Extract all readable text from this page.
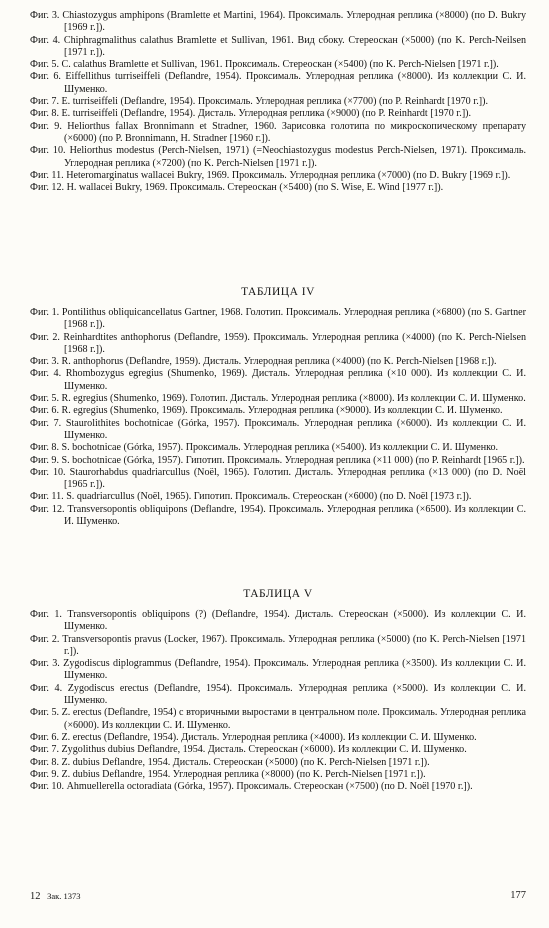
Фиг. 3. Chiastozygus amphipons (Bramlette et Martini, 1964). Проксималь. Углеродная реплика (×8000) (по D. Bukry [1969 г.]).
Фиг. 4. Chiphragmalithus calathus Bramlette et Sullivan, 1961. Вид сбоку. Стереоскан (×5000) (по K. Perch-Neilsen [1971 г.]).
Фиг. 5. C. calathus Bramlette et Sullivan, 1961. Проксималь. Стереоскан (×5400) (по K. Perch-Nielsen [1971 г.]).
Фиг. 6. Eiffellithus turriseiffeli (Deflandre, 1954). Проксималь. Углеродная реплика (×8000). Из коллекции С. И. Шуменко.
Фиг. 7. E. turriseiffeli (Deflandre, 1954). Проксималь. Углеродная реплика (×7700) (по P. Reinhardt [1970 г.]).
Фиг. 8. E. turriseiffeli (Deflandre, 1954). Дисталь. Углеродная реплика (×9000) (по P. Reinhardt [1970 г.]).
Фиг. 9. Heliorthus fallax Bronnimann et Stradner, 1960. Зарисовка голотипа по микроскопическому препарату (×6000) (по P. Bronnimann, H. Stradner [1960 г.]).
Фиг. 10. Heliorthus modestus (Perch-Nielsen, 1971) (=Neochiastozygus modestus Perch-Nielsen, 1971). Проксималь. Углеродная реплика (×7200) (по K. Perch-Nielsen [1971 г.]).
Фиг. 11. Heteromarginatus wallacei Bukry, 1969. Проксималь. Углеродная реплика (×7000) (по D. Bukry [1969 г.]).
Фиг. 12. H. wallacei Bukry, 1969. Проксималь. Стереоскан (×5400) (по S. Wise, E. Wind [1977 г.]).
ТАБЛИЦА IV
Фиг. 1. Pontilithus obliquicancellatus Gartner, 1968. Голотип. Проксималь. Углеродная реплика (×6800) (по S. Gartner [1968 г.]).
Фиг. 2. Reinhardtites anthophorus (Deflandre, 1959). Проксималь. Углеродная реплика (×4000) (по K. Perch-Nielsen [1968 г.]).
Фиг. 3. R. anthophorus (Deflandre, 1959). Дисталь. Углеродная реплика (×4000) (по K. Perch-Nielsen [1968 г.]).
Фиг. 4. Rhombozygus egregius (Shumenko, 1969). Дисталь. Углеродная реплика (×10 000). Из коллекции С. И. Шуменко.
Фиг. 5. R. egregius (Shumenko, 1969). Голотип. Дисталь. Углеродная реплика (×8000). Из коллекции С. И. Шуменко.
Фиг. 6. R. egregius (Shumenko, 1969). Проксималь. Углеродная реплика (×9000). Из коллекции С. И. Шуменко.
Фиг. 7. Staurolithites bochotnicae (Górka, 1957). Проксималь. Углеродная реплика (×6000). Из коллекции С. И. Шуменко.
Фиг. 8. S. bochotnicae (Górka, 1957). Проксималь. Углеродная реплика (×5400). Из коллекции С. И. Шуменко.
Фиг. 9. S. bochotnicae (Górka, 1957). Гипотип. Проксималь. Углеродная реплика (×11 000) (по P. Reinhardt [1965 г.]).
Фиг. 10. Staurorhabdus quadriarcullus (Noël, 1965). Голотип. Дисталь. Углеродная реплика (×13 000) (по D. Noël [1965 г.]).
Фиг. 11. S. quadriarcullus (Noël, 1965). Гипотип. Проксималь. Стереоскан (×6000) (по D. Noël [1973 г.]).
Фиг. 12. Transversopontis obliquipons (Deflandre, 1954). Проксималь. Углеродная реплика (×6500). Из коллекции С. И. Шуменко.
ТАБЛИЦА V
Фиг. 1. Transversopontis obliquipons (?) (Deflandre, 1954). Дисталь. Стереоскан (×5000). Из коллекции С. И. Шуменко.
Фиг. 2. Transversopontis pravus (Locker, 1967). Проксималь. Углеродная реплика (×5000) (по K. Perch-Nielsen [1971 г.]).
Фиг. 3. Zygodiscus diplogrammus (Deflandre, 1954). Проксималь. Углеродная реплика (×3500). Из коллекции С. И. Шуменко.
Фиг. 4. Zygodiscus erectus (Deflandre, 1954). Проксималь. Углеродная реплика (×5000). Из коллекции С. И. Шуменко.
Фиг. 5. Z. erectus (Deflandre, 1954) с вторичными выростами в центральном поле. Проксималь. Углеродная реплика (×6000). Из коллекции С. И. Шуменко.
Фиг. 6. Z. erectus (Deflandre, 1954). Дисталь. Углеродная реплика (×4000). Из коллекции С. И. Шуменко.
Фиг. 7. Zygolithus dubius Deflandre, 1954. Дисталь. Стереоскан (×6000). Из коллекции С. И. Шуменко.
Фиг. 8. Z. dubius Deflandre, 1954. Дисталь. Стереоскан (×5000) (по K. Perch-Nielsen [1971 г.]).
Фиг. 9. Z. dubius Deflandre, 1954. Углеродная реплика (×8000) (по K. Perch-Nielsen [1971 г.]).
Фиг. 10. Ahmuellerella octoradiata (Górka, 1957). Проксималь. Стереоскан (×7500) (по D. Noël [1970 г.]).
12 Зак. 1373	177
